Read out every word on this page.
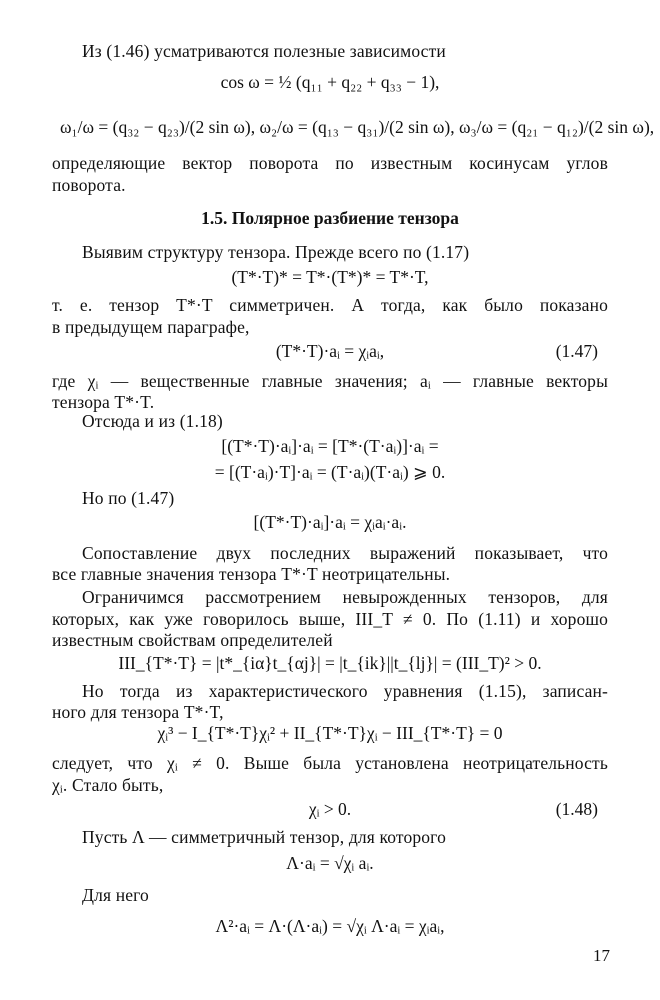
Из (1.46) усматриваются полезные зависимости
cos ω = ½ (q₁₁ + q₂₂ + q₃₃ − 1),
ω₁/ω = (q₃₂ − q₂₃)/(2 sin ω), ω₂/ω = (q₁₃ − q₃₁)/(2 sin ω), ω₃/ω = (q₂₁ − q₁₂)/(2 sin ω),
определяющие вектор поворота по известным косинусам углов
поворота.
1.5. Полярное разбиение тензора
Выявим структуру тензора. Прежде всего по (1.17)
(T*·T)* = T*·(T*)* = T*·T,
т. е. тензор T*·T симметричен. А тогда, как было показано
в предыдущем параграфе,
(T*·T)·aᵢ = χᵢaᵢ,	(1.47)
где χᵢ — вещественные главные значения; aᵢ — главные векторы
тензора T*·T.
Отсюда и из (1.18)
[(T*·T)·aᵢ]·aᵢ = [T*·(T·aᵢ)]·aᵢ =
= [(T·aᵢ)·T]·aᵢ = (T·aᵢ)(T·aᵢ) ⩾ 0.
Но по (1.47)
[(T*·T)·aᵢ]·aᵢ = χᵢaᵢ·aᵢ.
Сопоставление двух последних выражений показывает, что
все главные значения тензора T*·T неотрицательны.
Ограничимся рассмотрением невырожденных тензоров, для
которых, как уже говорилось выше, III_T ≠ 0. По (1.11) и хорошо
известным свойствам определителей
III_{T*·T} = |t*_{iα}t_{αj}| = |t_{ik}||t_{lj}| = (III_T)² > 0.
Но тогда из характеристического уравнения (1.15), записан-
ного для тензора T*·T,
χᵢ³ − I_{T*·T}χᵢ² + II_{T*·T}χᵢ − III_{T*·T} = 0
следует, что χᵢ ≠ 0. Выше была установлена неотрицательность
χᵢ. Стало быть,
χᵢ > 0.	(1.48)
Пусть Λ — симметричный тензор, для которого
Λ·aᵢ = √χᵢ aᵢ.
Для него
Λ²·aᵢ = Λ·(Λ·aᵢ) = √χᵢ Λ·aᵢ = χᵢaᵢ,
17
